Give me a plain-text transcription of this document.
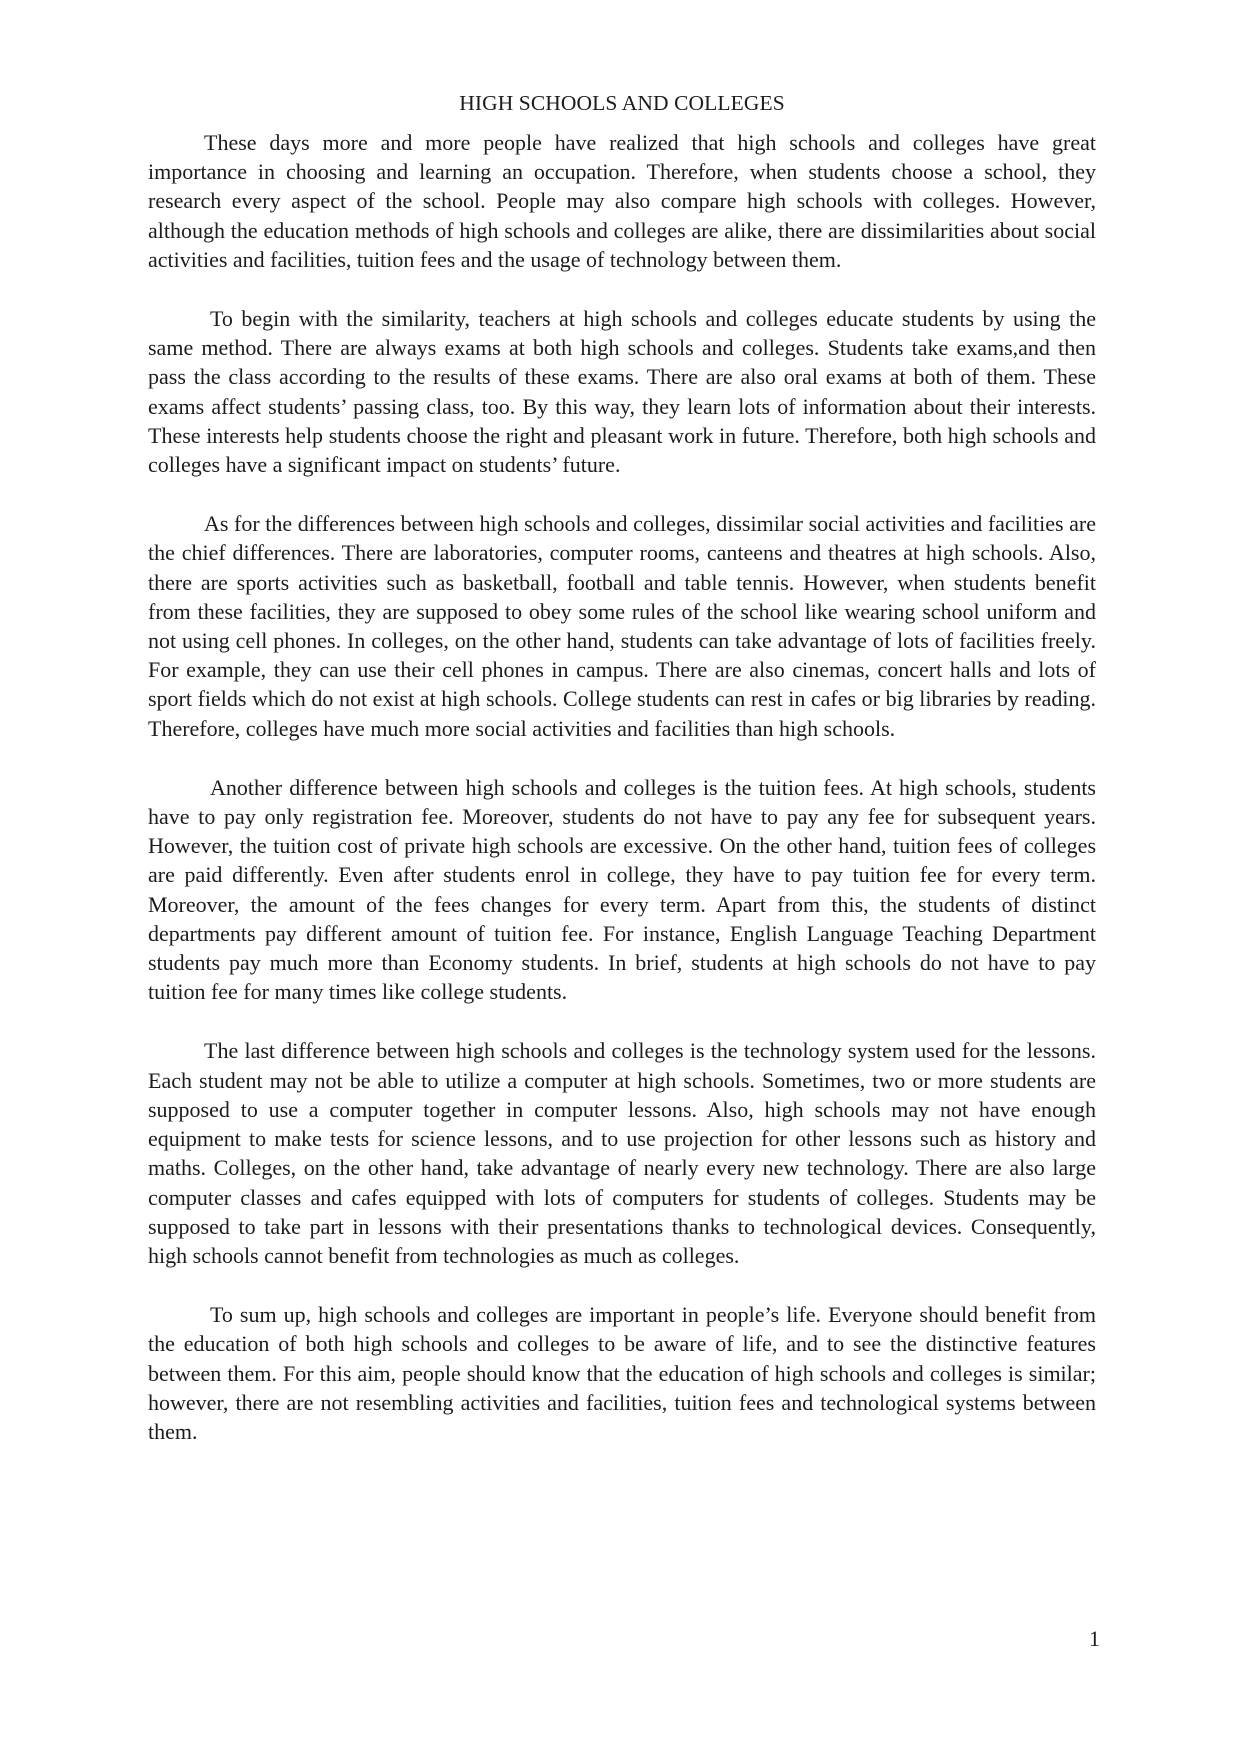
HIGH SCHOOLS AND COLLEGES

These days more and more people have realized that high schools and colleges have great importance in choosing and learning an occupation. Therefore, when students choose a school, they research every aspect of the school. People may also compare high schools with colleges. However, although the education methods of high schools and colleges are alike, there are dissimilarities about social activities and facilities, tuition fees and the usage of technology between them.

To begin with the similarity, teachers at high schools and colleges educate students by using the same method. There are always exams at both high schools and colleges. Students take exams,and then pass the class according to the results of these exams. There are also oral exams at both of them. These exams affect students’ passing class, too. By this way, they learn lots of information about their interests. These interests help students choose the right and pleasant work in future. Therefore, both high schools and colleges have a significant impact on students’ future.

As for the differences between high schools and colleges, dissimilar social activities and facilities are the chief differences. There are laboratories, computer rooms, canteens and theatres at high schools. Also, there are sports activities such as basketball, football and table tennis. However, when students benefit from these facilities, they are supposed to obey some rules of the school like wearing school uniform and not using cell phones. In colleges, on the other hand, students can take advantage of lots of facilities freely. For example, they can use their cell phones in campus. There are also cinemas, concert halls and lots of sport fields which do not exist at high schools. College students can rest in cafes or big libraries by reading. Therefore, colleges have much more social activities and facilities than high schools.

Another difference between high schools and colleges is the tuition fees. At high schools, students have to pay only registration fee. Moreover, students do not have to pay any fee for subsequent years. However, the tuition cost of private high schools are excessive. On the other hand, tuition fees of colleges are paid differently. Even after students enrol in college, they have to pay tuition fee for every term. Moreover, the amount of the fees changes for every term. Apart from this, the students of distinct departments pay different amount of tuition fee. For instance, English Language Teaching Department students pay much more than Economy students. In brief, students at high schools do not have to pay tuition fee for many times like college students.

The last difference between high schools and colleges is the technology system used for the lessons. Each student may not be able to utilize a computer at high schools. Sometimes, two or more students are supposed to use a computer together in computer lessons. Also, high schools may not have enough equipment to make tests for science lessons, and to use projection for other lessons such as history and maths. Colleges, on the other hand, take advantage of nearly every new technology. There are also large computer classes and cafes equipped with lots of computers for students of colleges. Students may be supposed to take part in lessons with their presentations thanks to technological devices. Consequently, high schools cannot benefit from technologies as much as colleges.

To sum up, high schools and colleges are important in people’s life. Everyone should benefit from the education of both high schools and colleges to be aware of life, and to see the distinctive features between them. For this aim, people should know that the education of high schools and colleges is similar; however, there are not resembling activities and facilities, tuition fees and technological systems between them.

1
